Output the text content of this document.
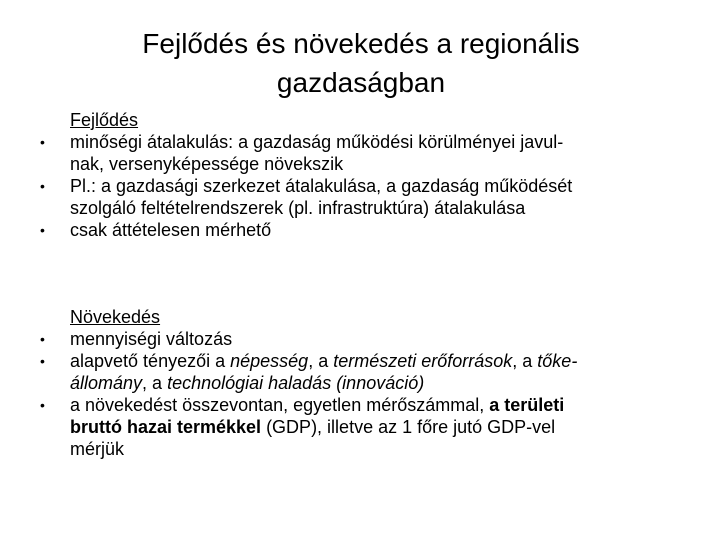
Fejlődés és növekedés a regionális
gazdaságban
Fejlődés
•	minőségi átalakulás: a gazdaság működési körülményei javul-
nak, versenyképessége növekszik
•	Pl.: a gazdasági szerkezet átalakulása, a gazdaság működését
szolgáló feltételrendszerek (pl. infrastruktúra) átalakulása
•	csak áttételesen mérhető
Növekedés
•	mennyiségi változás
•	alapvető tényezői a népesség, a természeti erőforrások, a tőke-
állomány, a technológiai haladás (innováció)
•	a növekedést összevontan, egyetlen mérőszámmal, a területi
bruttó hazai termékkel (GDP), illetve az 1 főre jutó GDP-vel
mérjük
